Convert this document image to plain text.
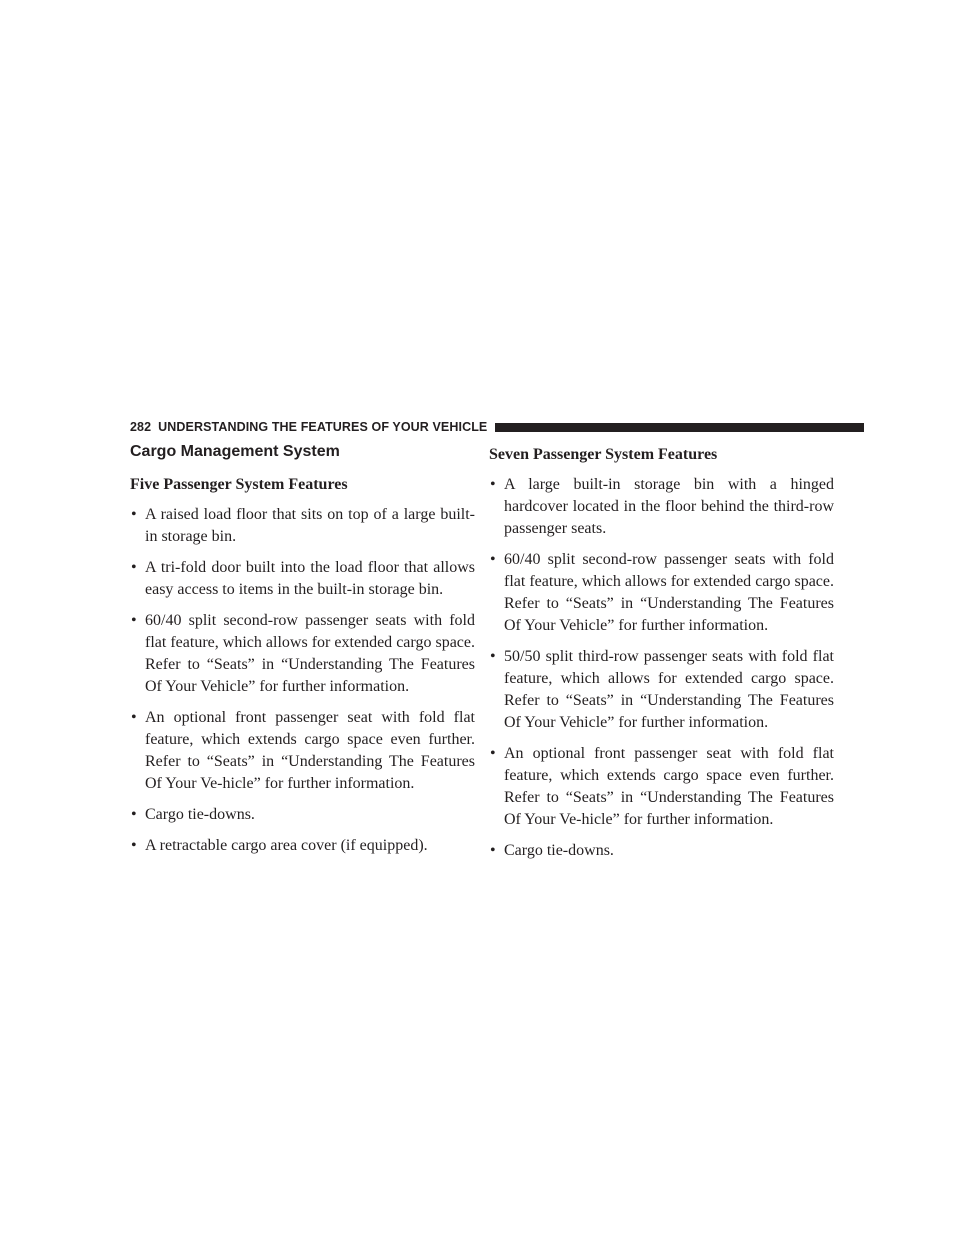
282 UNDERSTANDING THE FEATURES OF YOUR VEHICLE
Cargo Management System
Five Passenger System Features
• A raised load floor that sits on top of a large built-in storage bin.
• A tri-fold door built into the load floor that allows easy access to items in the built-in storage bin.
• 60/40 split second-row passenger seats with fold flat feature, which allows for extended cargo space. Refer to “Seats” in “Understanding The Features Of Your Vehicle” for further information.
• An optional front passenger seat with fold flat feature, which extends cargo space even further. Refer to “Seats” in “Understanding The Features Of Your Ve-hicle” for further information.
• Cargo tie-downs.
• A retractable cargo area cover (if equipped).
Seven Passenger System Features
• A large built-in storage bin with a hinged hardcover located in the floor behind the third-row passenger seats.
• 60/40 split second-row passenger seats with fold flat feature, which allows for extended cargo space. Refer to “Seats” in “Understanding The Features Of Your Vehicle” for further information.
• 50/50 split third-row passenger seats with fold flat feature, which allows for extended cargo space. Refer to “Seats” in “Understanding The Features Of Your Vehicle” for further information.
• An optional front passenger seat with fold flat feature, which extends cargo space even further. Refer to “Seats” in “Understanding The Features Of Your Ve-hicle” for further information.
• Cargo tie-downs.
